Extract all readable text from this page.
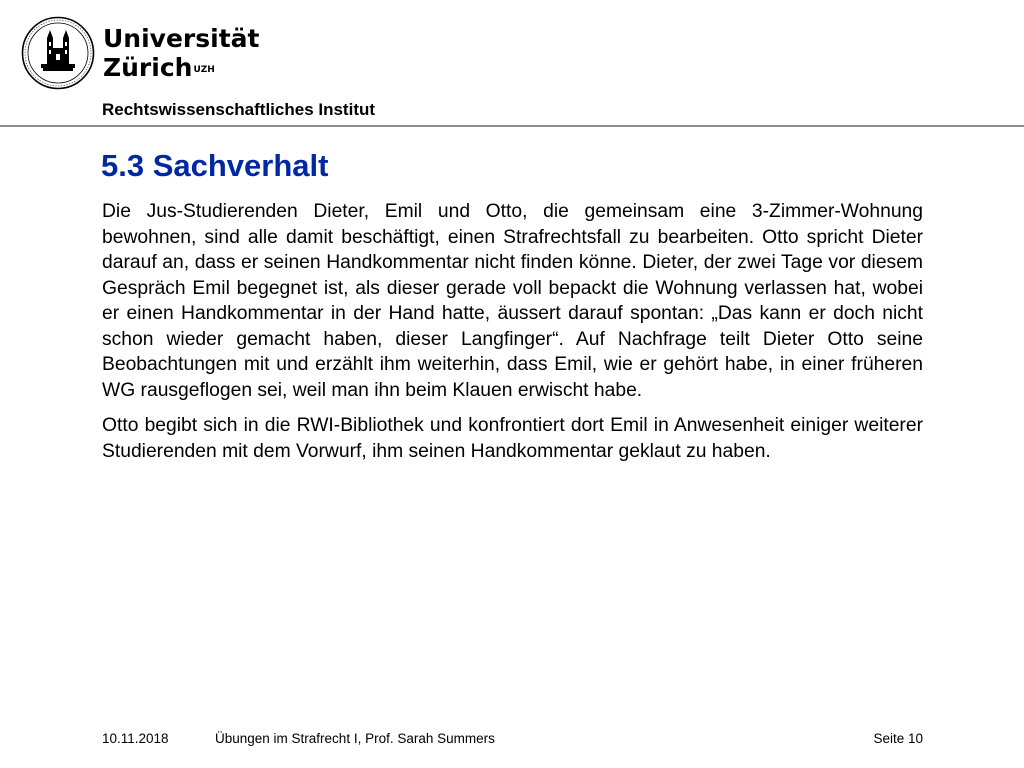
Universität
Zürich$^{UZH}$
Rechtswissenschaftliches Institut
5.3 Sachverhalt

Die Jus-Studierenden Dieter, Emil und Otto, die gemeinsam eine 3-Zimmer-Wohnung bewohnen, sind alle damit beschäftigt, einen Strafrechtsfall zu bearbeiten. Otto spricht Dieter darauf an, dass er seinen Handkommentar nicht finden könne. Dieter, der zwei Tage vor diesem Gespräch Emil begegnet ist, als dieser gerade voll bepackt die Wohnung verlassen hat, wobei er einen Handkommentar in der Hand hatte, äussert darauf spontan: „Das kann er doch nicht schon wieder gemacht haben, dieser Langfinger“. Auf Nachfrage teilt Dieter Otto seine Beobachtungen mit und erzählt ihm weiterhin, dass Emil, wie er gehört habe, in einer früheren WG rausgeflogen sei, weil man ihn beim Klauen erwischt habe.

Otto begibt sich in die RWI-Bibliothek und konfrontiert dort Emil in Anwesenheit einiger weiterer Studierenden mit dem Vorwurf, ihm seinen Handkommentar geklaut zu haben.

10.11.2018	Übungen im Strafrecht I, Prof. Sarah Summers	Seite 10
